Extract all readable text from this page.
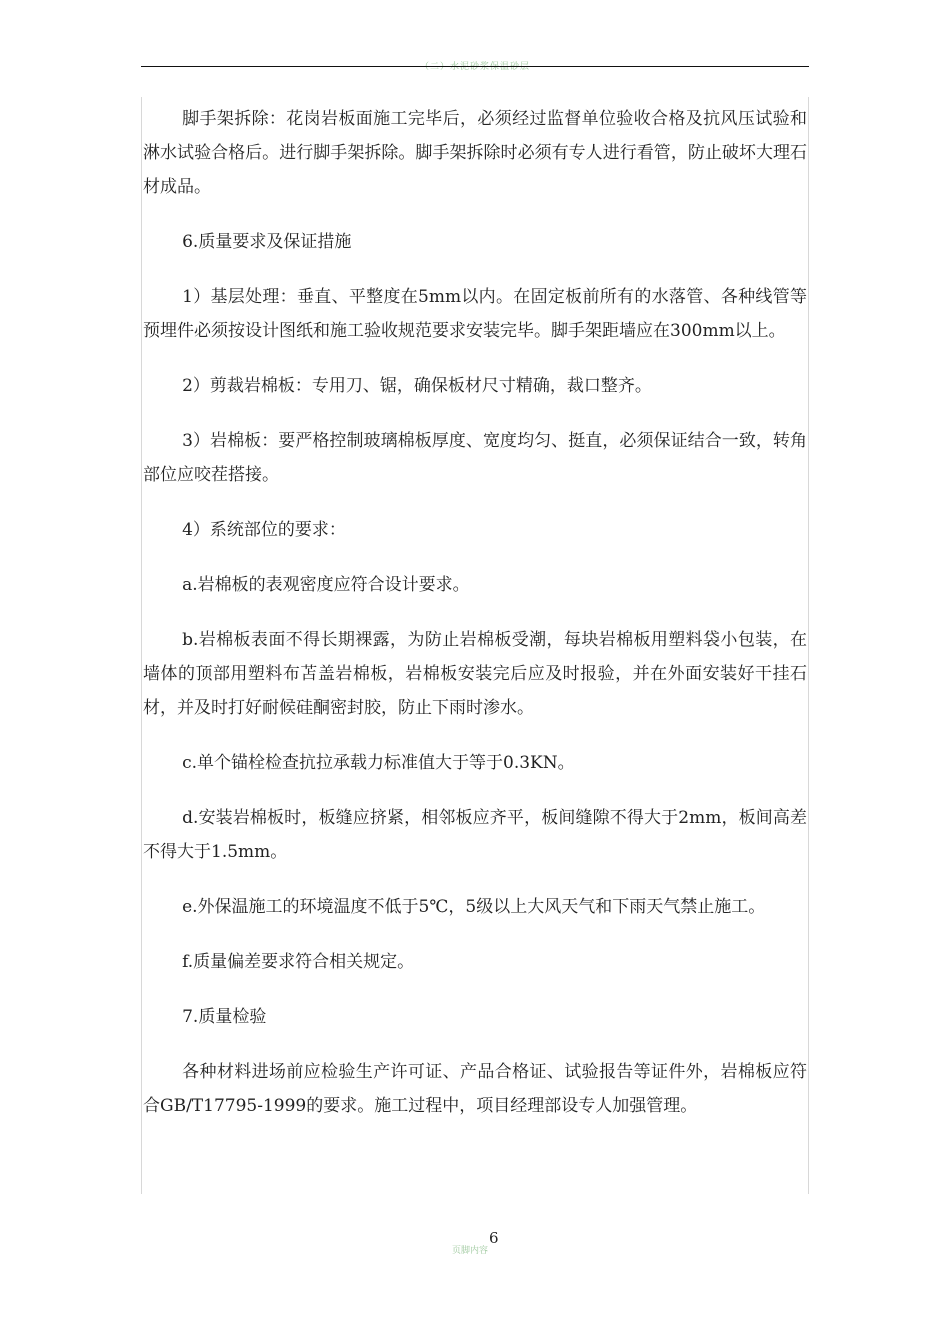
（二）水泥砂浆保温砂层

脚手架拆除：花岗岩板面施工完毕后，必须经过监督单位验收合格及抗风压试验和淋水试验合格后。进行脚手架拆除。脚手架拆除时必须有专人进行看管，防止破坏大理石材成品。

6.质量要求及保证措施

1）基层处理：垂直、平整度在5mm以内。在固定板前所有的水落管、各种线管等预埋件必须按设计图纸和施工验收规范要求安装完毕。脚手架距墙应在300mm以上。

2）剪裁岩棉板：专用刀、锯，确保板材尺寸精确，裁口整齐。

3）岩棉板：要严格控制玻璃棉板厚度、宽度均匀、挺直，必须保证结合一致，转角部位应咬茬搭接。

4）系统部位的要求：

a.岩棉板的表观密度应符合设计要求。

b.岩棉板表面不得长期裸露，为防止岩棉板受潮，每块岩棉板用塑料袋小包装，在墙体的顶部用塑料布苫盖岩棉板，岩棉板安装完后应及时报验，并在外面安装好干挂石材，并及时打好耐候硅酮密封胶，防止下雨时渗水。

c.单个锚栓检查抗拉承载力标准值大于等于0.3KN。

d.安装岩棉板时，板缝应挤紧，相邻板应齐平，板间缝隙不得大于2mm，板间高差不得大于1.5mm。

e.外保温施工的环境温度不低于5℃，5级以上大风天气和下雨天气禁止施工。

f.质量偏差要求符合相关规定。

7.质量检验

各种材料进场前应检验生产许可证、产品合格证、试验报告等证件外，岩棉板应符合GB/T17795-1999的要求。施工过程中，项目经理部设专人加强管理。

6
页脚内容
